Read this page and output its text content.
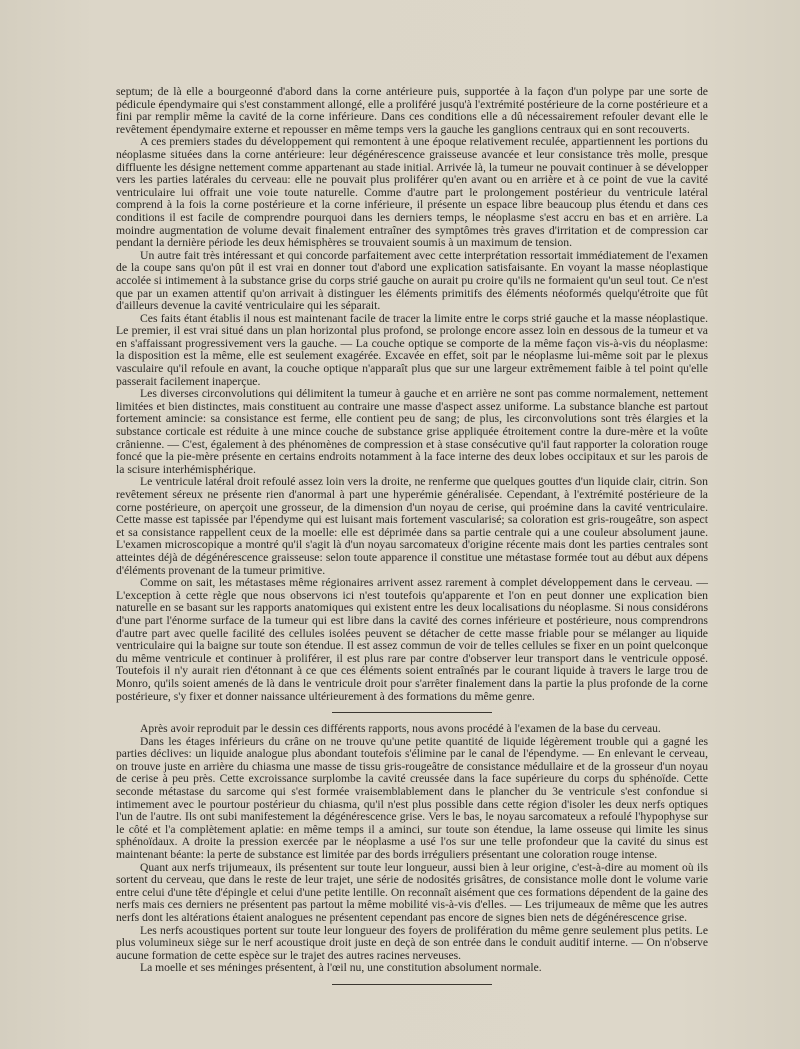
septum; de là elle a bourgeonné d'abord dans la corne antérieure puis, supportée à la façon d'un polype par une sorte de pédicule épendymaire qui s'est constamment allongé, elle a proliféré jusqu'à l'extrémité postérieure de la corne postérieure et a fini par remplir même la cavité de la corne inférieure. Dans ces conditions elle a dû nécessairement refouler devant elle le revêtement épendymaire externe et repousser en même temps vers la gauche les ganglions centraux qui en sont recouverts.

A ces premiers stades du développement qui remontent à une époque relativement reculée, appartiennent les portions du néoplasme situées dans la corne antérieure: leur dégénérescence graisseuse avancée et leur consistance très molle, presque diffluente les désigne nettement comme appartenant au stade initial. Arrivée là, la tumeur ne pouvait continuer à se développer vers les parties latérales du cerveau: elle ne pouvait plus proliférer qu'en avant ou en arrière et à ce point de vue la cavité ventriculaire lui offrait une voie toute naturelle. Comme d'autre part le prolongement postérieur du ventricule latéral comprend à la fois la corne postérieure et la corne inférieure, il présente un espace libre beaucoup plus étendu et dans ces conditions il est facile de comprendre pourquoi dans les derniers temps, le néoplasme s'est accru en bas et en arrière. La moindre augmentation de volume devait finalement entraîner des symptômes très graves d'irritation et de compression car pendant la dernière période les deux hémisphères se trouvaient soumis à un maximum de tension.

Un autre fait très intéressant et qui concorde parfaitement avec cette interprétation ressortait immédiatement de l'examen de la coupe sans qu'on pût il est vrai en donner tout d'abord une explication satisfaisante. En voyant la masse néoplastique accolée si intimement à la substance grise du corps strié gauche on aurait pu croire qu'ils ne formaient qu'un seul tout. Ce n'est que par un examen attentif qu'on arrivait à distinguer les éléments primitifs des éléments néoformés quelqu'étroite que fût d'ailleurs devenue la cavité ventriculaire qui les séparait.

Ces faits étant établis il nous est maintenant facile de tracer la limite entre le corps strié gauche et la masse néoplastique. Le premier, il est vrai situé dans un plan horizontal plus profond, se prolonge encore assez loin en dessous de la tumeur et va en s'affaissant progressivement vers la gauche. — La couche optique se comporte de la même façon vis-à-vis du néoplasme: la disposition est la même, elle est seulement exagérée. Excavée en effet, soit par le néoplasme lui-même soit par le plexus vasculaire qu'il refoule en avant, la couche optique n'apparaît plus que sur une largeur extrêmement faible à tel point qu'elle passerait facilement inaperçue.

Les diverses circonvolutions qui délimitent la tumeur à gauche et en arrière ne sont pas comme normalement, nettement limitées et bien distinctes, mais constituent au contraire une masse d'aspect assez uniforme. La substance blanche est partout fortement amincie: sa consistance est ferme, elle contient peu de sang; de plus, les circonvolutions sont très élargies et la substance corticale est réduite à une mince couche de substance grise appliquée étroitement contre la dure-mère et la voûte crânienne. — C'est, également à des phénomènes de compression et à stase consécutive qu'il faut rapporter la coloration rouge foncé que la pie-mère présente en certains endroits notamment à la face interne des deux lobes occipitaux et sur les parois de la scisure interhémisphérique.

Le ventricule latéral droit refoulé assez loin vers la droite, ne renferme que quelques gouttes d'un liquide clair, citrin. Son revêtement séreux ne présente rien d'anormal à part une hyperémie généralisée. Cependant, à l'extrémité postérieure de la corne postérieure, on aperçoit une grosseur, de la dimension d'un noyau de cerise, qui proémine dans la cavité ventriculaire. Cette masse est tapissée par l'épendyme qui est luisant mais fortement vascularisé; sa coloration est gris-rougeâtre, son aspect et sa consistance rappellent ceux de la moelle: elle est déprimée dans sa partie centrale qui a une couleur absolument jaune. L'examen microscopique a montré qu'il s'agit là d'un noyau sarcomateux d'origine récente mais dont les parties centrales sont atteintes déjà de dégénérescence graisseuse: selon toute apparence il constitue une métastase formée tout au début aux dépens d'éléments provenant de la tumeur primitive.

Comme on sait, les métastases même régionaires arrivent assez rarement à complet développement dans le cerveau. — L'exception à cette règle que nous observons ici n'est toutefois qu'apparente et l'on en peut donner une explication bien naturelle en se basant sur les rapports anatomiques qui existent entre les deux localisations du néoplasme. Si nous considérons d'une part l'énorme surface de la tumeur qui est libre dans la cavité des cornes inférieure et postérieure, nous comprendrons d'autre part avec quelle facilité des cellules isolées peuvent se détacher de cette masse friable pour se mélanger au liquide ventriculaire qui la baigne sur toute son étendue. Il est assez commun de voir de telles cellules se fixer en un point quelconque du même ventricule et continuer à proliférer, il est plus rare par contre d'observer leur transport dans le ventricule opposé. Toutefois il n'y aurait rien d'étonnant à ce que ces éléments soient entraînés par le courant liquide à travers le large trou de Monro, qu'ils soient amenés de là dans le ventricule droit pour s'arrêter finalement dans la partie la plus profonde de la corne postérieure, s'y fixer et donner naissance ultérieurement à des formations du même genre.

Après avoir reproduit par le dessin ces différents rapports, nous avons procédé à l'examen de la base du cerveau.

Dans les étages inférieurs du crâne on ne trouve qu'une petite quantité de liquide légèrement trouble qui a gagné les parties déclives: un liquide analogue plus abondant toutefois s'élimine par le canal de l'épendyme. — En enlevant le cerveau, on trouve juste en arrière du chiasma une masse de tissu gris-rougeâtre de consistance médullaire et de la grosseur d'un noyau de cerise à peu près. Cette excroissance surplombe la cavité creussée dans la face supérieure du corps du sphénoïde. Cette seconde métastase du sarcome qui s'est formée vraisemblablement dans le plancher du 3e ventricule s'est confondue si intimement avec le pourtour postérieur du chiasma, qu'il n'est plus possible dans cette région d'isoler les deux nerfs optiques l'un de l'autre. Ils ont subi manifestement la dégénérescence grise. Vers le bas, le noyau sarcomateux a refoulé l'hypophyse sur le côté et l'a complètement aplatie: en même temps il a aminci, sur toute son étendue, la lame osseuse qui limite les sinus sphénoïdaux. A droite la pression exercée par le néoplasme a usé l'os sur une telle profondeur que la cavité du sinus est maintenant béante: la perte de substance est limitée par des bords irréguliers présentant une coloration rouge intense.

Quant aux nerfs trijumeaux, ils présentent sur toute leur longueur, aussi bien à leur origine, c'est-à-dire au moment où ils sortent du cerveau, que dans le reste de leur trajet, une série de nodosités grisâtres, de consistance molle dont le volume varie entre celui d'une tête d'épingle et celui d'une petite lentille. On reconnaît aisément que ces formations dépendent de la gaine des nerfs mais ces derniers ne présentent pas partout la même mobilité vis-à-vis d'elles. — Les trijumeaux de même que les autres nerfs dont les altérations étaient analogues ne présentent cependant pas encore de signes bien nets de dégénérescence grise.

Les nerfs acoustiques portent sur toute leur longueur des foyers de prolifération du même genre seulement plus petits. Le plus volumineux siège sur le nerf acoustique droit juste en deçà de son entrée dans le conduit auditif interne. — On n'observe aucune formation de cette espèce sur le trajet des autres racines nerveuses.

La moelle et ses méninges présentent, à l'œil nu, une constitution absolument normale.
